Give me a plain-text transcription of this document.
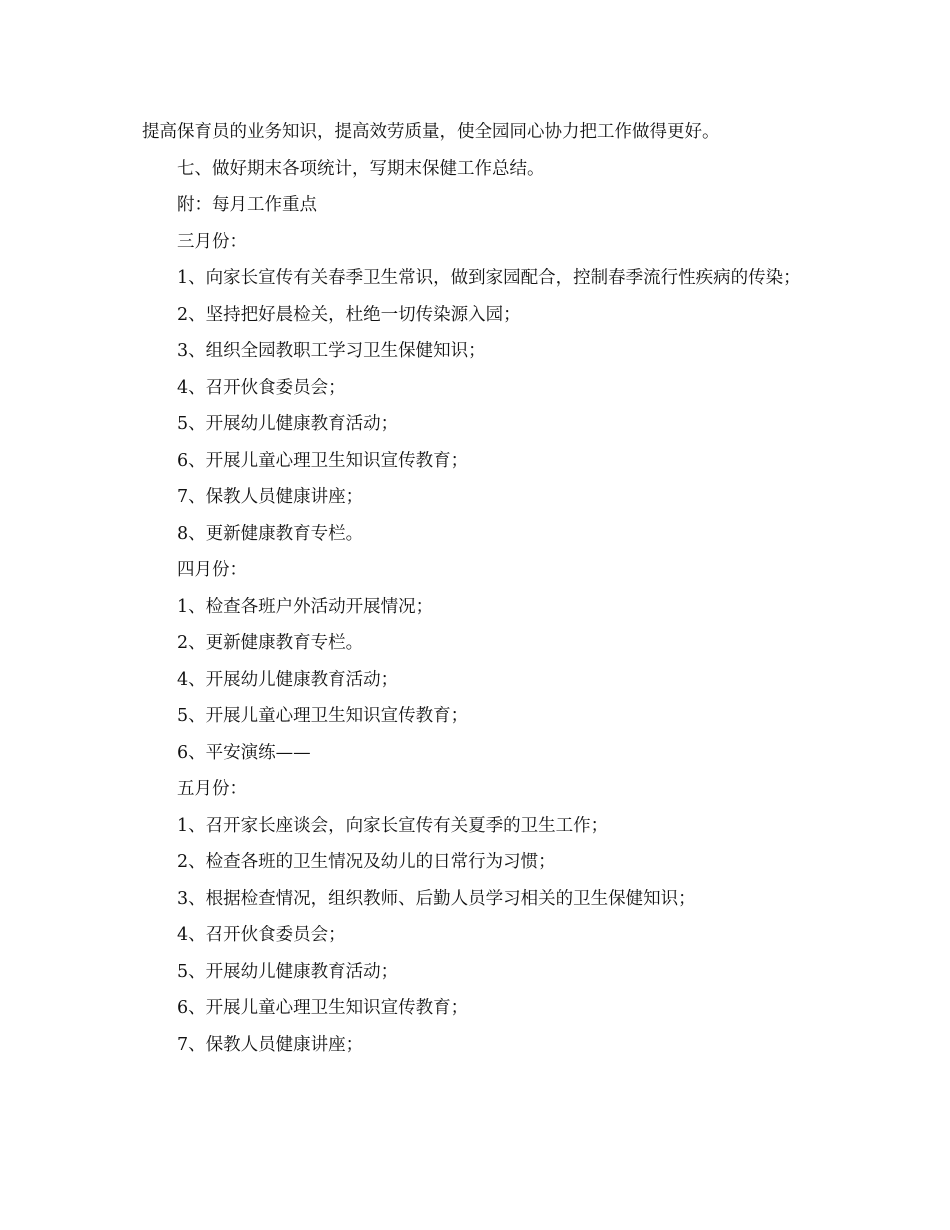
提高保育员的业务知识，提高效劳质量，使全园同心协力把工作做得更好。

七、做好期末各项统计，写期末保健工作总结。

附：每月工作重点

三月份：

1、向家长宣传有关春季卫生常识，做到家园配合，控制春季流行性疾病的传染；

2、坚持把好晨检关，杜绝一切传染源入园；

3、组织全园教职工学习卫生保健知识；

4、召开伙食委员会；

5、开展幼儿健康教育活动；

6、开展儿童心理卫生知识宣传教育；

7、保教人员健康讲座；

8、更新健康教育专栏。

四月份：

1、检查各班户外活动开展情况；

2、更新健康教育专栏。

4、开展幼儿健康教育活动；

5、开展儿童心理卫生知识宣传教育；

6、平安演练——

五月份：

1、召开家长座谈会，向家长宣传有关夏季的卫生工作；

2、检查各班的卫生情况及幼儿的日常行为习惯；

3、根据检查情况，组织教师、后勤人员学习相关的卫生保健知识；

4、召开伙食委员会；

5、开展幼儿健康教育活动；

6、开展儿童心理卫生知识宣传教育；

7、保教人员健康讲座；
